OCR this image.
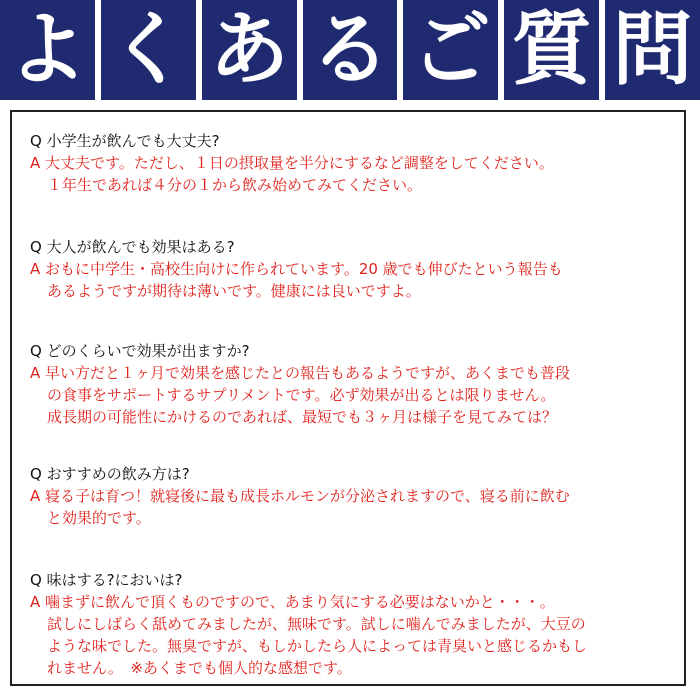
よ く あ る ご 質 問
Q 小学生が飲んでも大丈夫?
A 大丈夫です。ただし、１日の摂取量を半分にするなど調整をしてください。
１年生であれば４分の１から飲み始めてみてください。
Q 大人が飲んでも効果はある?
A おもに中学生・高校生向けに作られています。20 歳でも伸びたという報告も
あるようですが期待は薄いです。健康には良いですよ。
Q どのくらいで効果が出ますか?
A 早い方だと１ヶ月で効果を感じたとの報告もあるようですが、あくまでも普段
の食事をサポートするサプリメントです。必ず効果が出るとは限りません。
成長期の可能性にかけるのであれば、最短でも３ヶ月は様子を見てみては？
Q おすすめの飲み方は?
A 寝る子は育つ！就寝後に最も成長ホルモンが分泌されますので、寝る前に飲む
と効果的です。
Q 味はする?においは?
A 噛まずに飲んで頂くものですので、あまり気にする必要はないかと・・・。
試しにしばらく舐めてみましたが、無味です。試しに噛んでみましたが、大豆の
ような味でした。無臭ですが、もしかしたら人によっては青臭いと感じるかもし
れません。　※あくまでも個人的な感想です。
